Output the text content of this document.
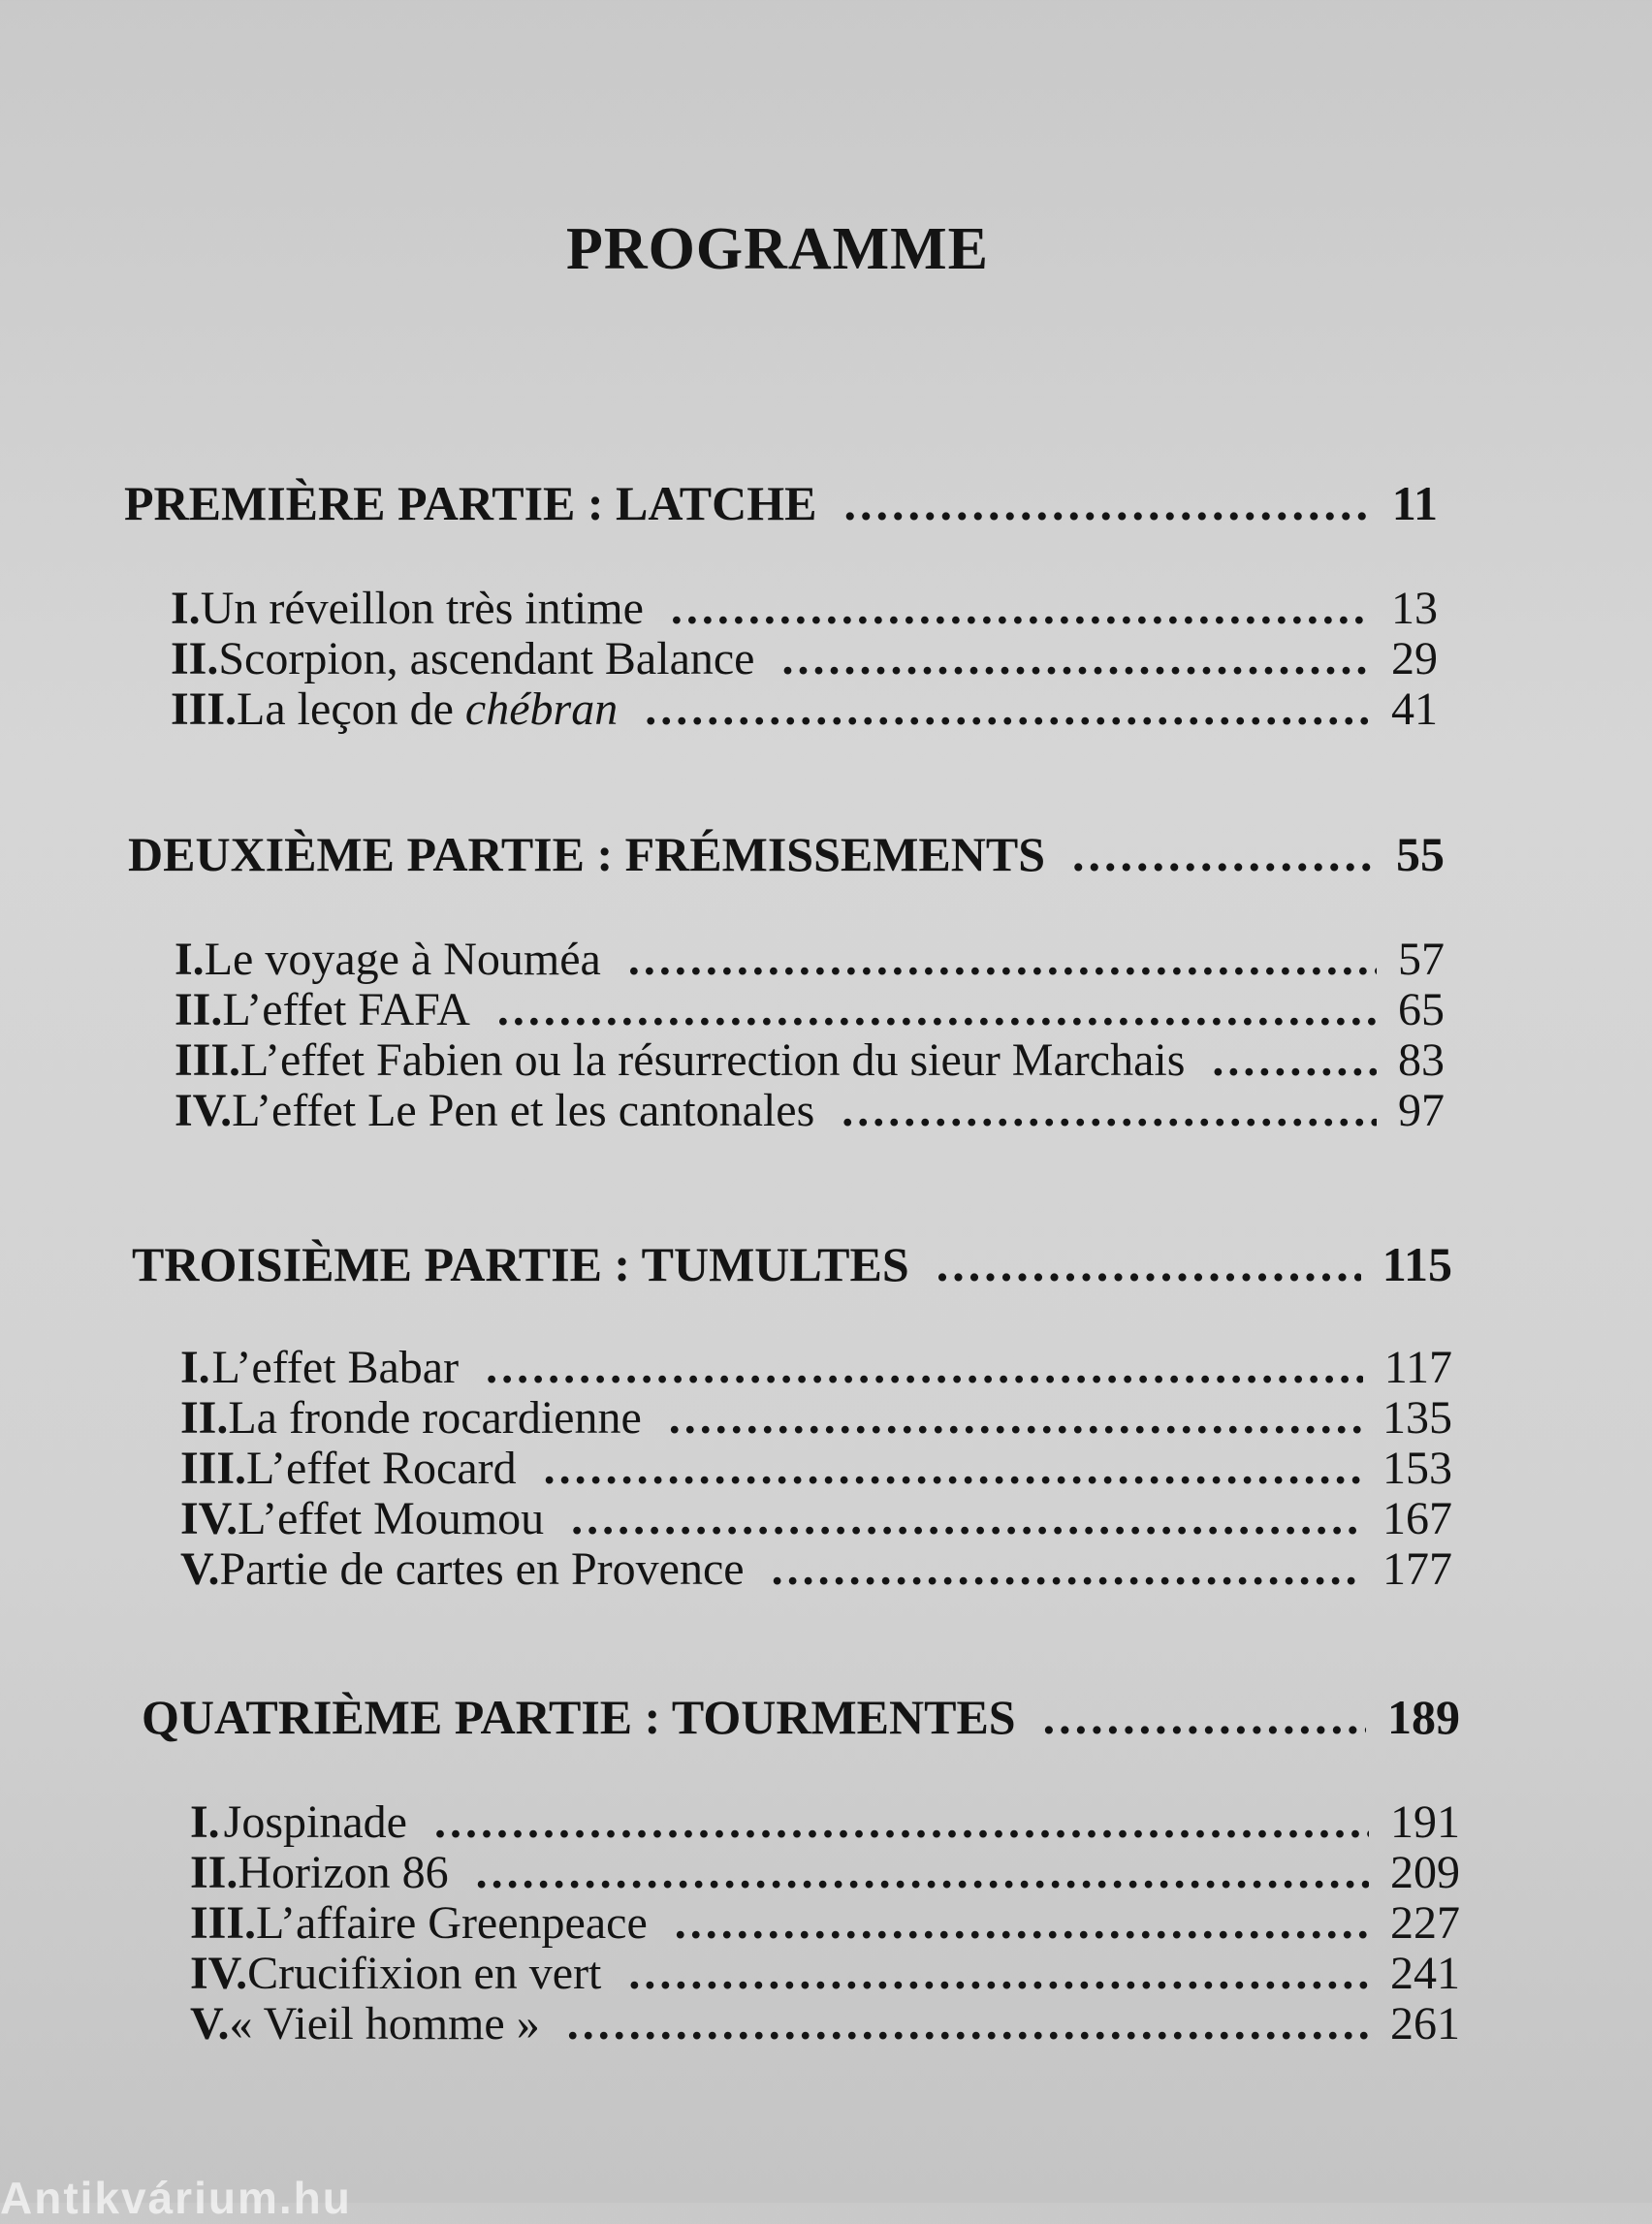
PROGRAMME
PREMIÈRE PARTIE : LATCHE .....	11
I. Un réveillon très intime .....	13
II. Scorpion, ascendant Balance .....	29
III. La leçon de chébran .....	41
DEUXIÈME PARTIE : FRÉMISSEMENTS .....	55
I. Le voyage à Nouméa .....	57
II. L’effet FAFA .....	65
III. L’effet Fabien ou la résurrection du sieur Marchais .....	83
IV. L’effet Le Pen et les cantonales .....	97
TROISIÈME PARTIE : TUMULTES .....	115
I. L’effet Babar .....	117
II. La fronde rocardienne .....	135
III. L’effet Rocard .....	153
IV. L’effet Moumou .....	167
V. Partie de cartes en Provence .....	177
QUATRIÈME PARTIE : TOURMENTES .....	189
I. Jospinade .....	191
II. Horizon 86 .....	209
III. L’affaire Greenpeace .....	227
IV. Crucifixion en vert .....	241
V. « Vieil homme » .....	261
Antikvárium.hu
